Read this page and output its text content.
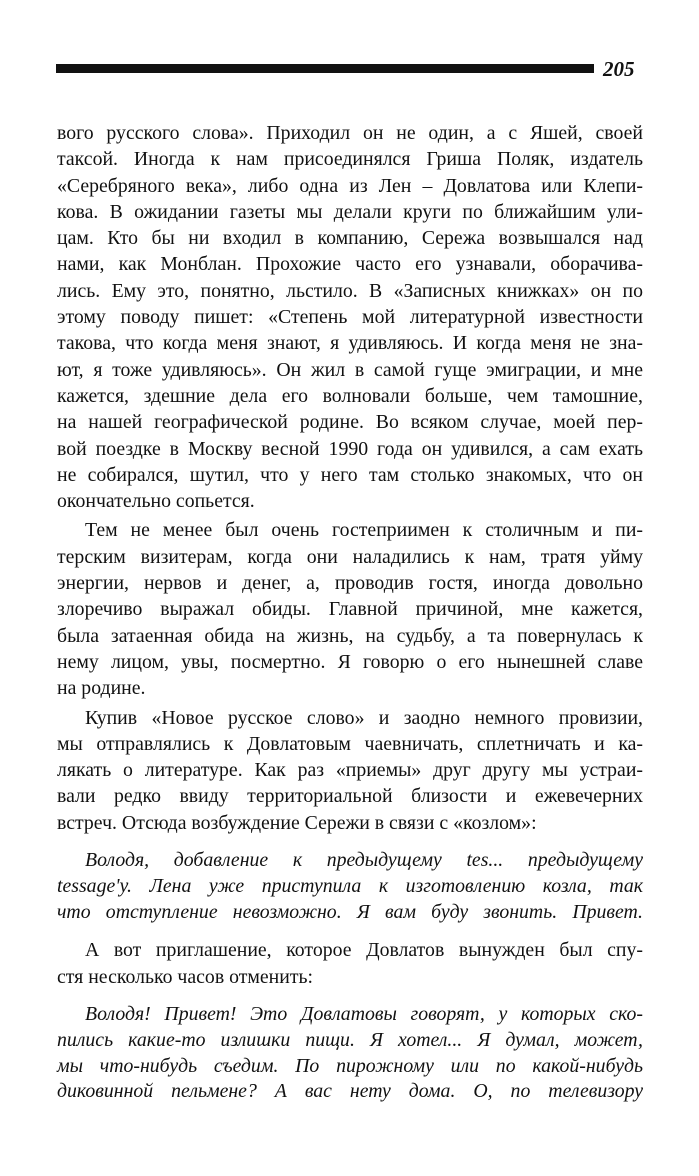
205

вого русского слова». Приходил он не один, а с Яшей, своей
таксой. Иногда к нам присоединялся Гриша Поляк, издатель
«Серебряного века», либо одна из Лен – Довлатова или Клепи-
кова. В ожидании газеты мы делали круги по ближайшим ули-
цам. Кто бы ни входил в компанию, Сережа возвышался над
нами, как Монблан. Прохожие часто его узнавали, оборачива-
лись. Ему это, понятно, льстило. В «Записных книжках» он по
этому поводу пишет: «Степень мой литературной известности
такова, что когда меня знают, я удивляюсь. И когда меня не зна-
ют, я тоже удивляюсь». Он жил в самой гуще эмиграции, и мне
кажется, здешние дела его волновали больше, чем тамошние,
на нашей географической родине. Во всяком случае, моей пер-
вой поездке в Москву весной 1990 года он удивился, а сам ехать
не собирался, шутил, что у него там столько знакомых, что он
окончательно сопьется.

Тем не менее был очень гостеприимен к столичным и пи-
терским визитерам, когда они наладились к нам, тратя уйму
энергии, нервов и денег, а, проводив гостя, иногда довольно
злоречиво выражал обиды. Главной причиной, мне кажется,
была затаенная обида на жизнь, на судьбу, а та повернулась к
нему лицом, увы, посмертно. Я говорю о его нынешней славе
на родине.

Купив «Новое русское слово» и заодно немного провизии,
мы отправлялись к Довлатовым чаевничать, сплетничать и ка-
лякать о литературе. Как раз «приемы» друг другу мы устраи-
вали редко ввиду территориальной близости и ежевечерних
встреч. Отсюда возбуждение Сережи в связи с «козлом»:

Володя, добавление к предыдущему tes... предыдущему
tessage'у. Лена уже приступила к изготовлению козла, так
что отступление невозможно. Я вам буду звонить. Привет.

А вот приглашение, которое Довлатов вынужден был спу-
стя несколько часов отменить:

Володя! Привет! Это Довлатовы говорят, у которых ско-
пились какие-то излишки пищи. Я хотел... Я думал, может,
мы что-нибудь съедим. По пирожному или по какой-нибудь
диковинной пельмене? А вас нету дома. О, по телевизору
